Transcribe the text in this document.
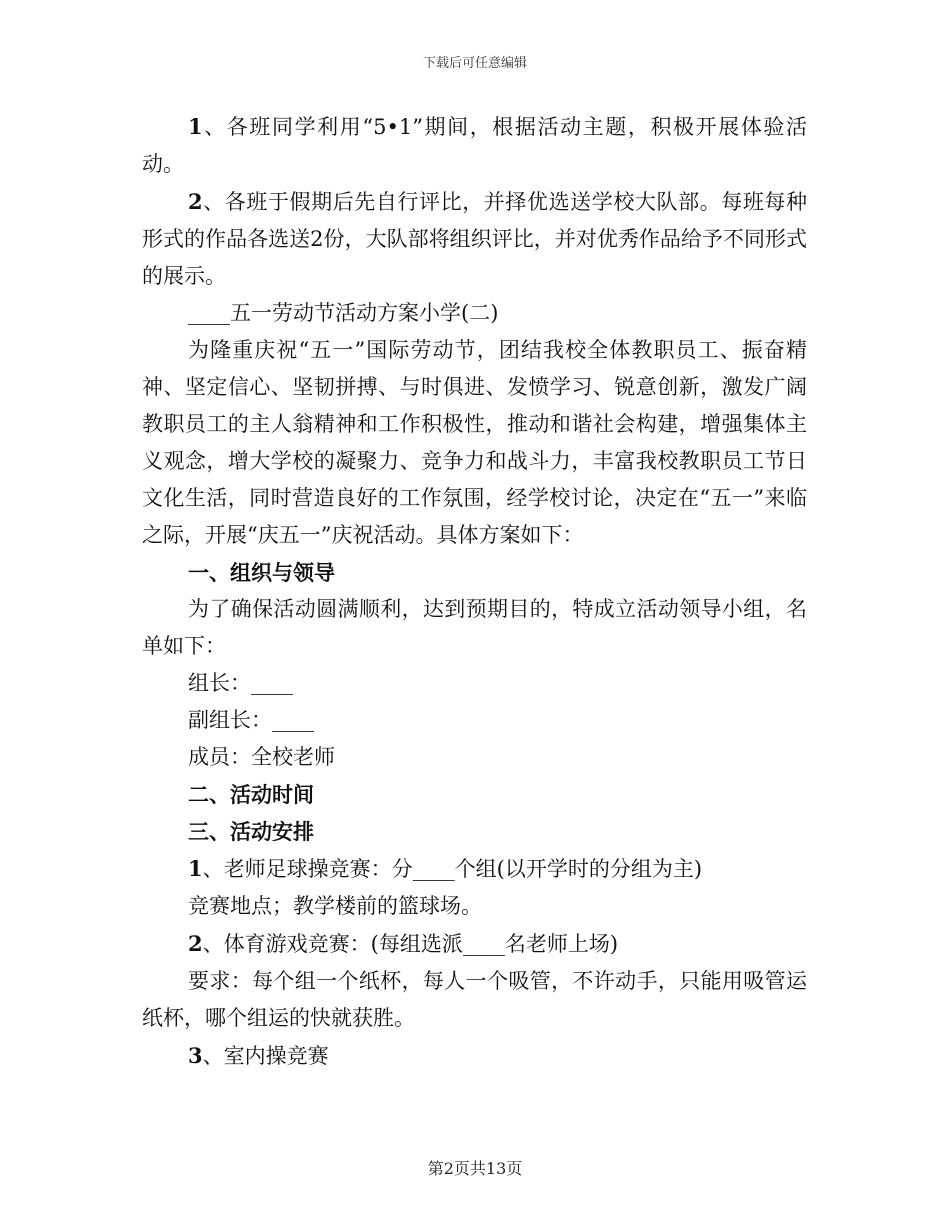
下载后可任意编辑

1、各班同学利用“5•1”期间，根据活动主题，积极开展体验活动。

2、各班于假期后先自行评比，并择优选送学校大队部。每班每种形式的作品各选送2份，大队部将组织评比，并对优秀作品给予不同形式的展示。

____五一劳动节活动方案小学(二)

为隆重庆祝“五一”国际劳动节，团结我校全体教职员工、振奋精神、坚定信心、坚韧拼搏、与时俱进、发愤学习、锐意创新，激发广阔教职员工的主人翁精神和工作积极性，推动和谐社会构建，增强集体主义观念，增大学校的凝聚力、竞争力和战斗力，丰富我校教职员工节日文化生活，同时营造良好的工作氛围，经学校讨论，决定在“五一”来临之际，开展“庆五一”庆祝活动。具体方案如下：

一、组织与领导

为了确保活动圆满顺利，达到预期目的，特成立活动领导小组，名单如下：

组长：____

副组长：____

成员：全校老师

二、活动时间

三、活动安排

1、老师足球操竞赛：分____个组(以开学时的分组为主)

竞赛地点；教学楼前的篮球场。

2、体育游戏竞赛：(每组选派____名老师上场)

要求：每个组一个纸杯，每人一个吸管，不许动手，只能用吸管运纸杯，哪个组运的快就获胜。

3、室内操竞赛

第2页共13页
